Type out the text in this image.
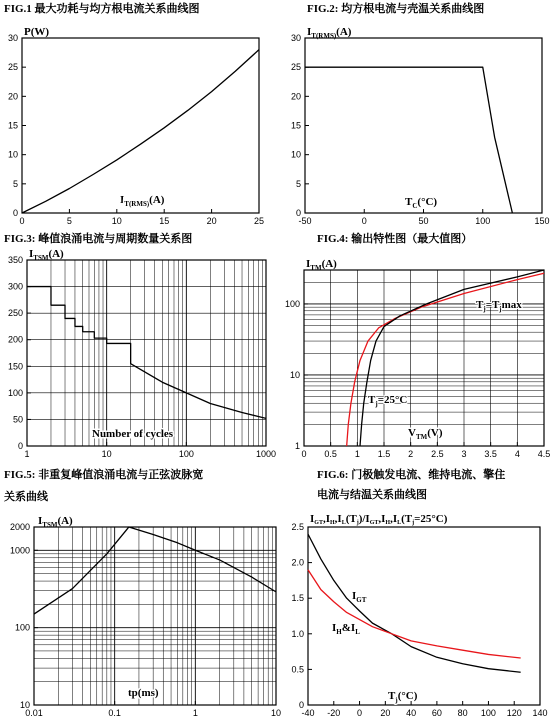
FIG.1 最大功耗与均方根电流关系曲线图
0	5	10	15	20	25
0
5
10
15
20
25
30 P(W)
$I_{T(RMS)}(A)$
FIG.2: 均方根电流与壳温关系曲线图
-50	0	50	100	150
0
5
10
15
20
25
30 $I_{T(RMS)}(A)$
$T_C(^\circ C)$
FIG.3: 峰值浪涌电流与周期数量关系图
1	10	100	1000
0
50
100
150
200
250
300
350 $I_{TSM}(A)$
Number of cycles
FIG.4: 输出特性图（最大值图）
0 0.5 1 1.5 2 2.5 3 3.5 4 4.5
1
10
100
$I_{TM}(A)$
$V_{TM}(V)$
$T_j=T_j\max$
$T_j=25^\circ C$
FIG.5: 非重复峰值浪涌电流与正弦波脉宽
关系曲线
0.01	0.1	1	10
10
100
1000
2000 $I_{TSM}(A)$
tp(ms)
FIG.6: 门极触发电流、维持电流、擎住
电流与结温关系曲线图
-40 -20 0 20 40 60 80 100 120 140
0
0.5
1.0
1.5
2.0
2.5
IGT,IH,IL(Tj)/IGT,IH,IL(Tj=25°C)
$T_j(^\circ C)$
$I_{GT}$
$I_H\&I_L$
